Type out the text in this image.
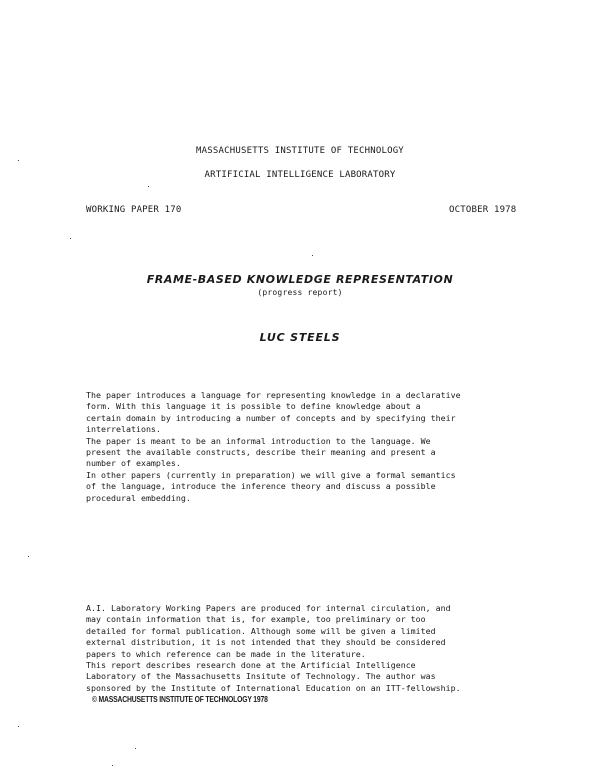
MASSACHUSETTS INSTITUTE OF TECHNOLOGY
ARTIFICIAL INTELLIGENCE LABORATORY
WORKING PAPER 170	OCTOBER 1978
FRAME-BASED KNOWLEDGE REPRESENTATION
(progress report)
LUC STEELS
The paper introduces a language for representing knowledge in a declarative
form. With this language it is possible to define knowledge about a
certain domain by introducing a number of concepts and by specifying their
interrelations.
The paper is meant to be an informal introduction to the language. We
present the available constructs, describe their meaning and present a
number of examples.
In other papers (currently in preparation) we will give a formal semantics
of the language, introduce the inference theory and discuss a possible
procedural embedding.
A.I. Laboratory Working Papers are produced for internal circulation, and
may contain information that is, for example, too preliminary or too
detailed for formal publication. Although some will be given a limited
external distribution, it is not intended that they should be considered
papers to which reference can be made in the literature.
This report describes research done at the Artificial Intelligence
Laboratory of the Massachusetts Insitute of Technology. The author was
sponsored by the Institute of International Education on an ITT-fellowship.
© MASSACHUSETTS INSTITUTE OF TECHNOLOGY 1978
